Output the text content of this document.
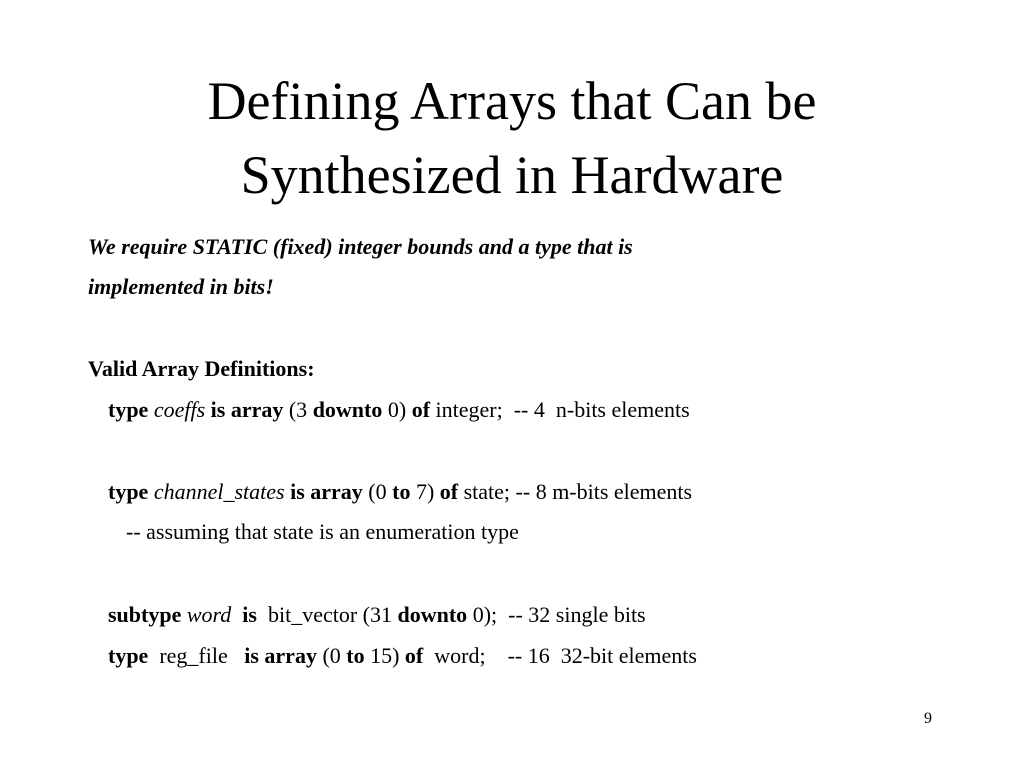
Defining Arrays that Can be
Synthesized in Hardware
We require STATIC (fixed) integer bounds and a type that is
implemented in bits!
Valid Array Definitions:
type coeffs is array (3 downto 0) of integer;  -- 4  n-bits elements
type channel_states is array (0 to 7) of state; -- 8 m-bits elements
-- assuming that state is an enumeration type
subtype word is  bit_vector (31 downto 0);  -- 32 single bits
type  reg_file   is array (0 to 15) of  word;    -- 16  32-bit elements
9
